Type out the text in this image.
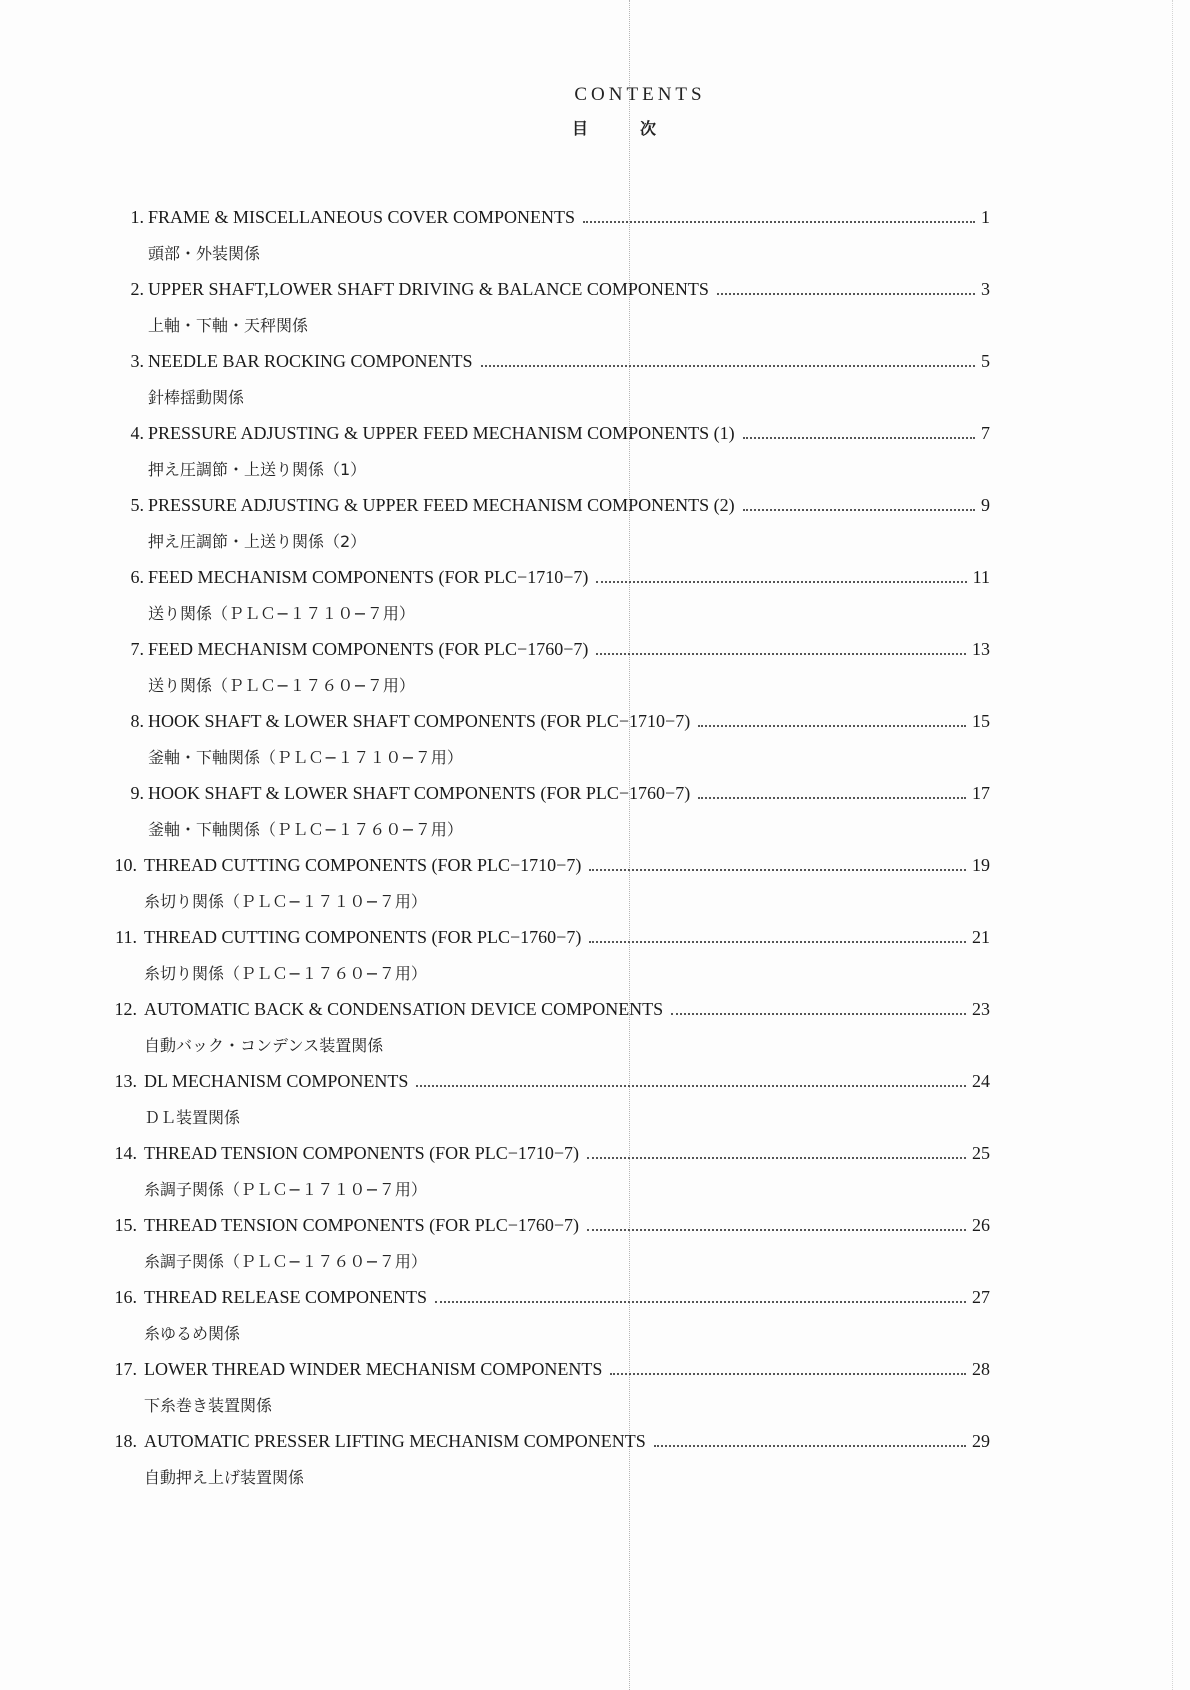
CONTENTS
目次
1. FRAME & MISCELLANEOUS COVER COMPONENTS	1
頭部・外装関係
2. UPPER SHAFT,LOWER SHAFT DRIVING & BALANCE COMPONENTS	3
上軸・下軸・天秤関係
3. NEEDLE BAR ROCKING COMPONENTS	5
針棒揺動関係
4. PRESSURE ADJUSTING & UPPER FEED MECHANISM COMPONENTS (1)	7
押え圧調節・上送り関係（1）
5. PRESSURE ADJUSTING & UPPER FEED MECHANISM COMPONENTS (2)	9
押え圧調節・上送り関係（2）
6. FEED MECHANISM COMPONENTS (FOR PLC−1710−7)	11
送り関係（ＰＬＣ−１７１０−７用）
7. FEED MECHANISM COMPONENTS (FOR PLC−1760−7)	13
送り関係（ＰＬＣ−１７６０−７用）
8. HOOK SHAFT & LOWER SHAFT COMPONENTS (FOR PLC−1710−7)	15
釜軸・下軸関係（ＰＬＣ−１７１０−７用）
9. HOOK SHAFT & LOWER SHAFT COMPONENTS (FOR PLC−1760−7)	17
釜軸・下軸関係（ＰＬＣ−１７６０−７用）
10. THREAD CUTTING COMPONENTS (FOR PLC−1710−7)	19
糸切り関係（ＰＬＣ−１７１０−７用）
11. THREAD CUTTING COMPONENTS (FOR PLC−1760−7)	21
糸切り関係（ＰＬＣ−１７６０−７用）
12. AUTOMATIC BACK & CONDENSATION DEVICE COMPONENTS	23
自動バック・コンデンス装置関係
13. DL MECHANISM COMPONENTS	24
ＤＬ装置関係
14. THREAD TENSION COMPONENTS (FOR PLC−1710−7)	25
糸調子関係（ＰＬＣ−１７１０−７用）
15. THREAD TENSION COMPONENTS (FOR PLC−1760−7)	26
糸調子関係（ＰＬＣ−１７６０−７用）
16. THREAD RELEASE COMPONENTS	27
糸ゆるめ関係
17. LOWER THREAD WINDER MECHANISM COMPONENTS	28
下糸巻き装置関係
18. AUTOMATIC PRESSER LIFTING MECHANISM COMPONENTS	29
自動押え上げ装置関係
